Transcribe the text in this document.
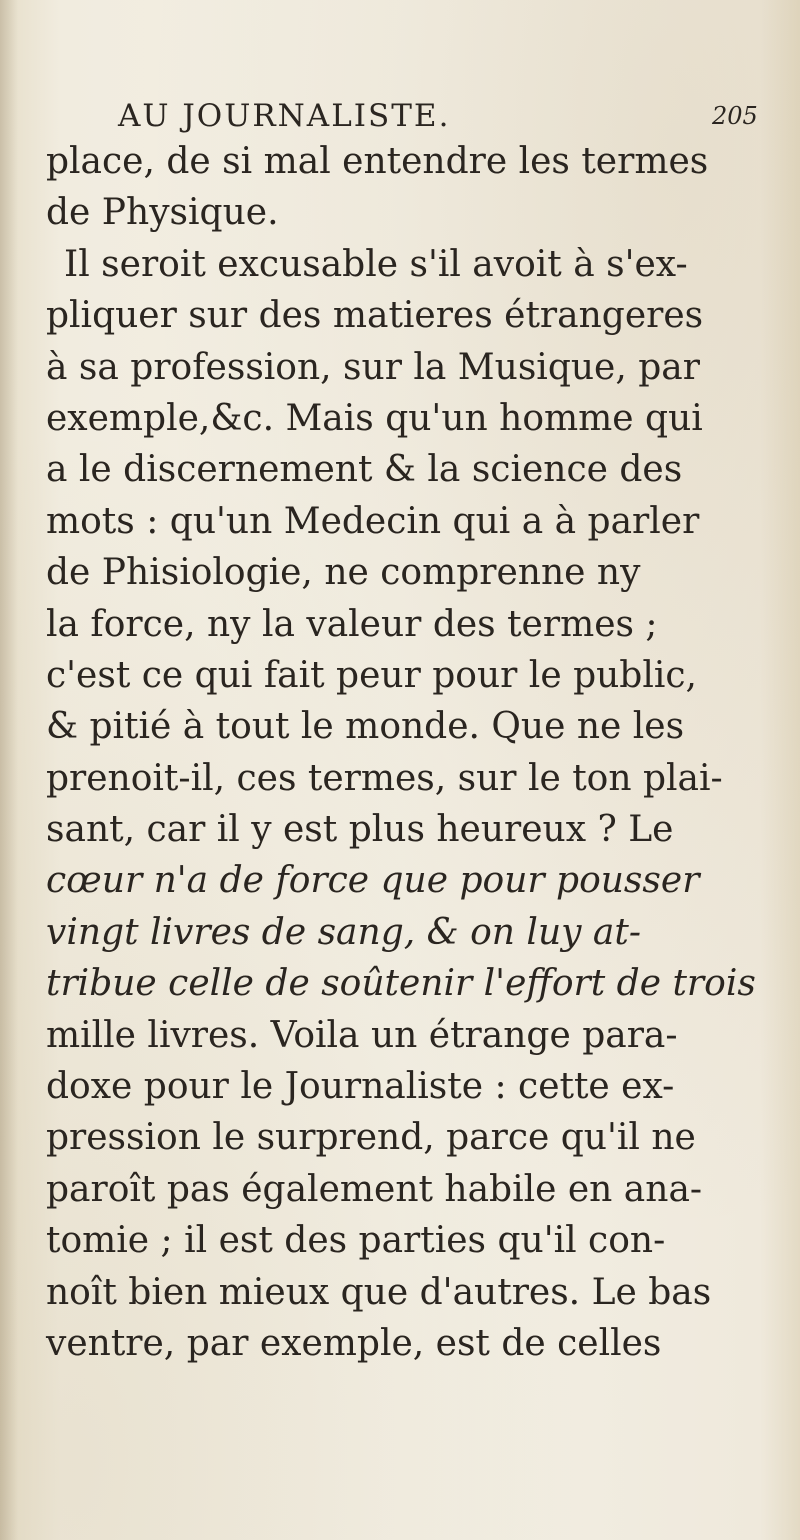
AU JOURNALISTE.	205
place, de si mal entendre les termes
de Physique.
Il seroit excusable s'il avoit à s'ex-
pliquer sur des matieres étrangeres
à sa profession, sur la Musique, par
exemple,&c. Mais qu'un homme qui
a le discernement & la science des
mots : qu'un Medecin qui a à parler
de Phisiologie, ne comprenne ny
la force, ny la valeur des termes ;
c'est ce qui fait peur pour le public,
& pitié à tout le monde. Que ne les
prenoit-il, ces termes, sur le ton plai-
sant, car il y est plus heureux ? Le
cœur n'a de force que pour pousser
vingt livres de sang, & on luy at-
tribue celle de soûtenir l'effort de trois
mille livres. Voila un étrange para-
doxe pour le Journaliste : cette ex-
pression le surprend, parce qu'il ne
paroît pas également habile en ana-
tomie ; il est des parties qu'il con-
noît bien mieux que d'autres. Le bas
ventre, par exemple, est de celles
